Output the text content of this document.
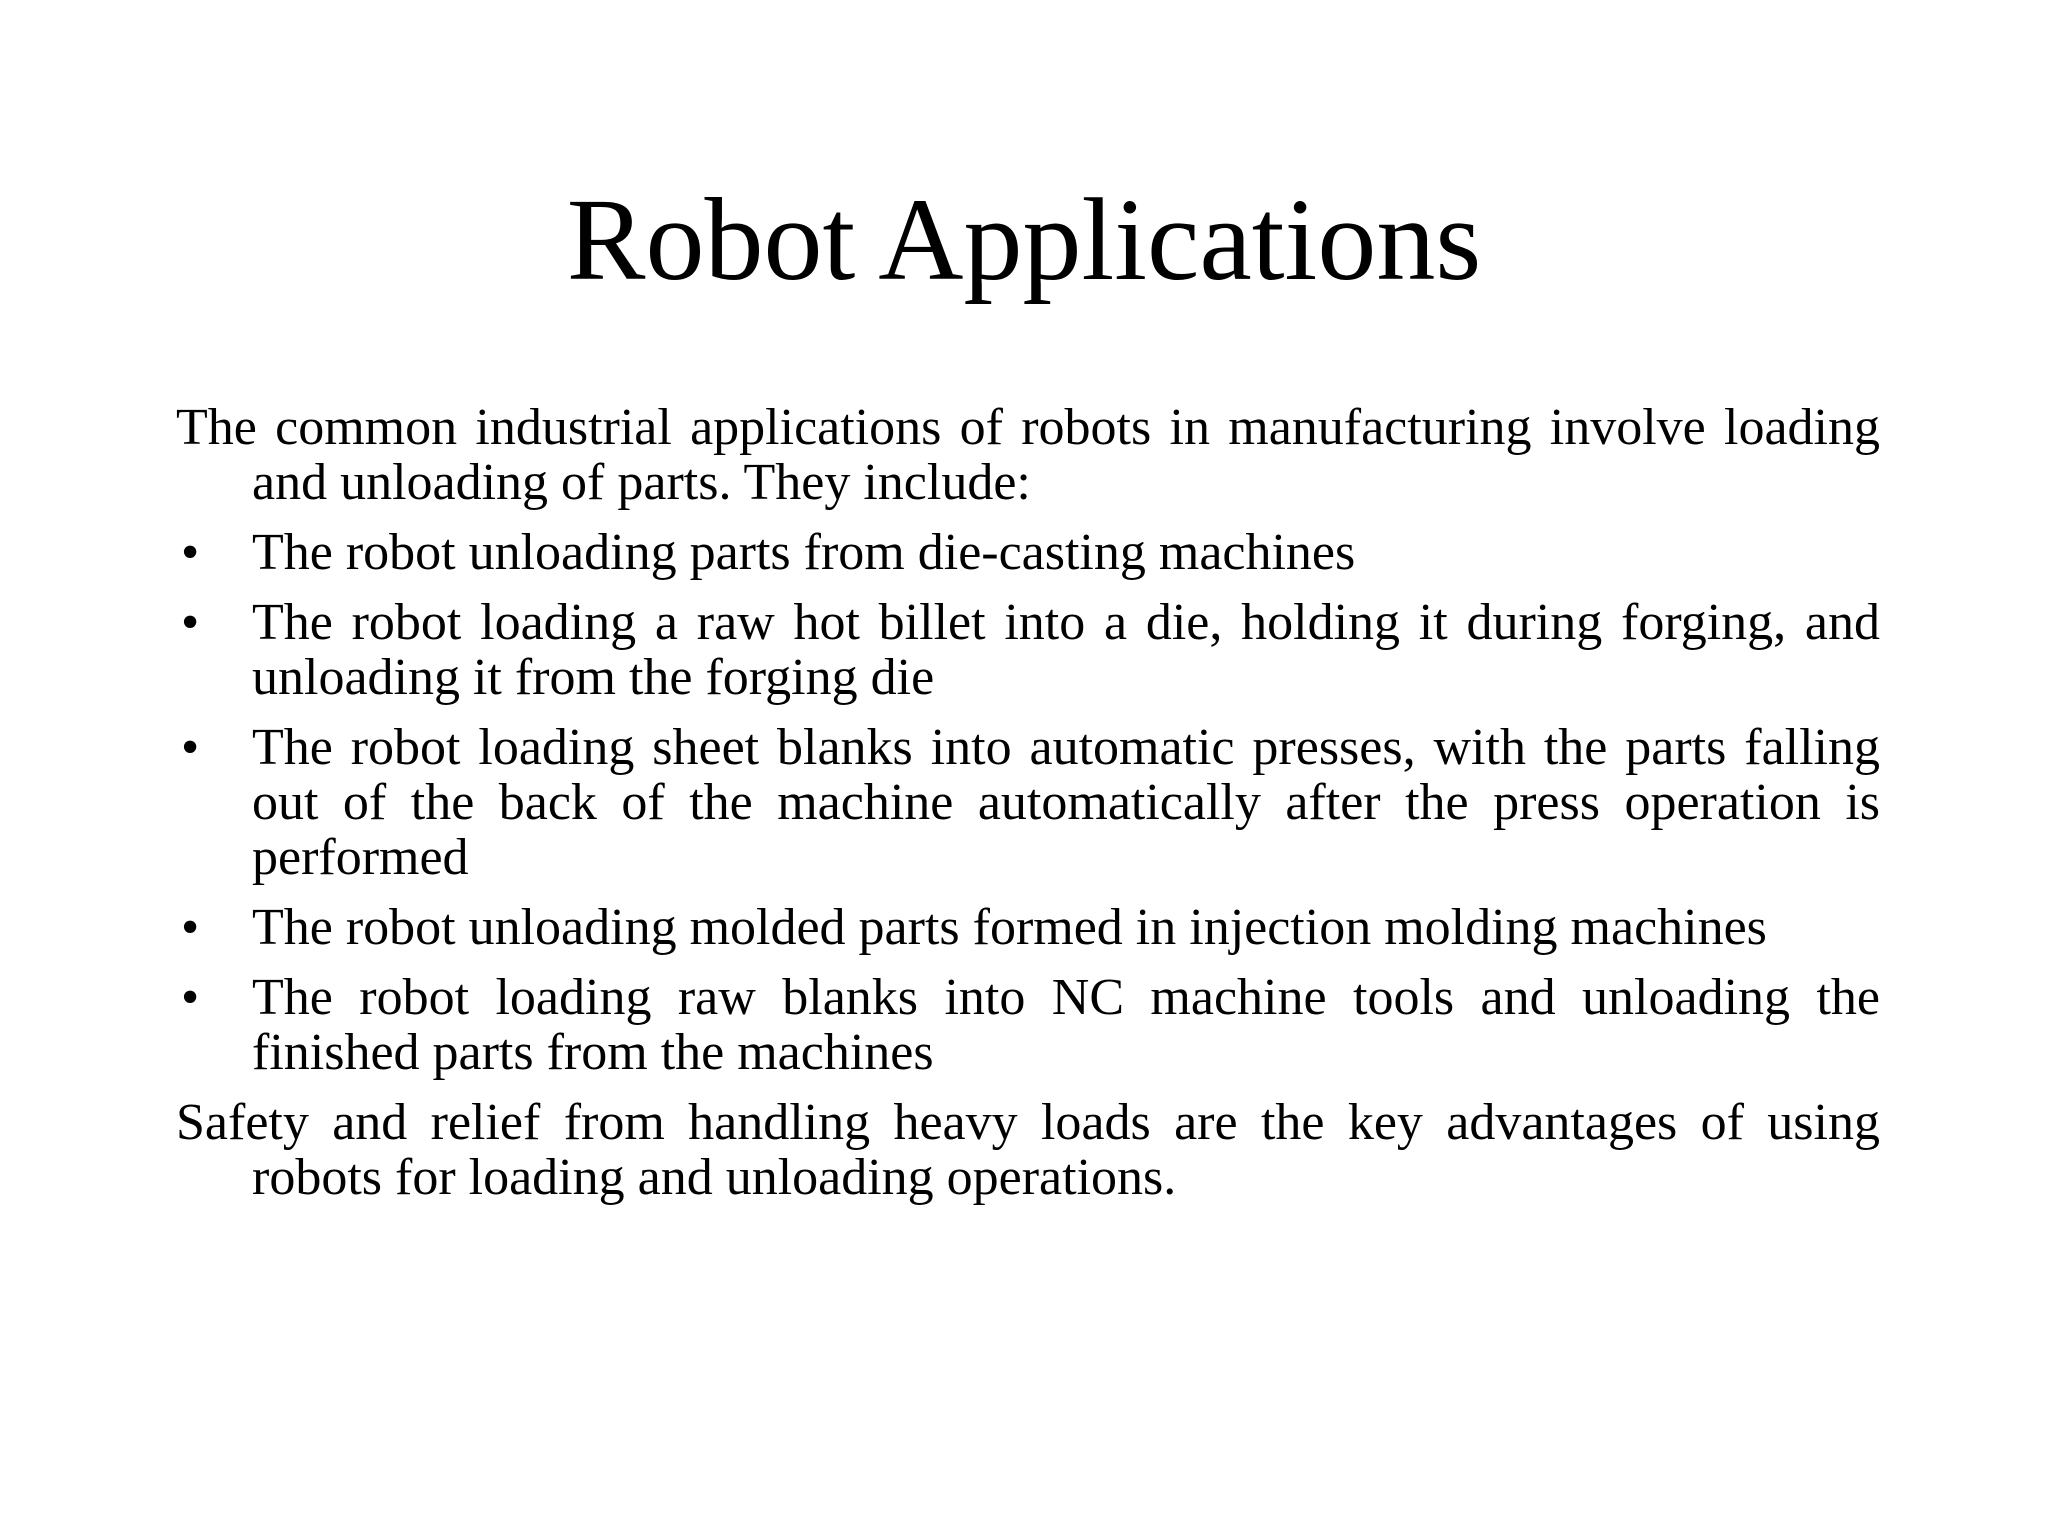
Robot Applications

The common industrial applications of robots in manufacturing involve loading and unloading of parts. They include:

• The robot unloading parts from die-casting machines
• The robot loading a raw hot billet into a die, holding it during forging, and unloading it from the forging die
• The robot loading sheet blanks into automatic presses, with the parts falling out of the back of the machine automatically after the press operation is performed
• The robot unloading molded parts formed in injection molding machines
• The robot loading raw blanks into NC machine tools and unloading the finished parts from the machines

Safety and relief from handling heavy loads are the key advantages of using robots for loading and unloading operations.
